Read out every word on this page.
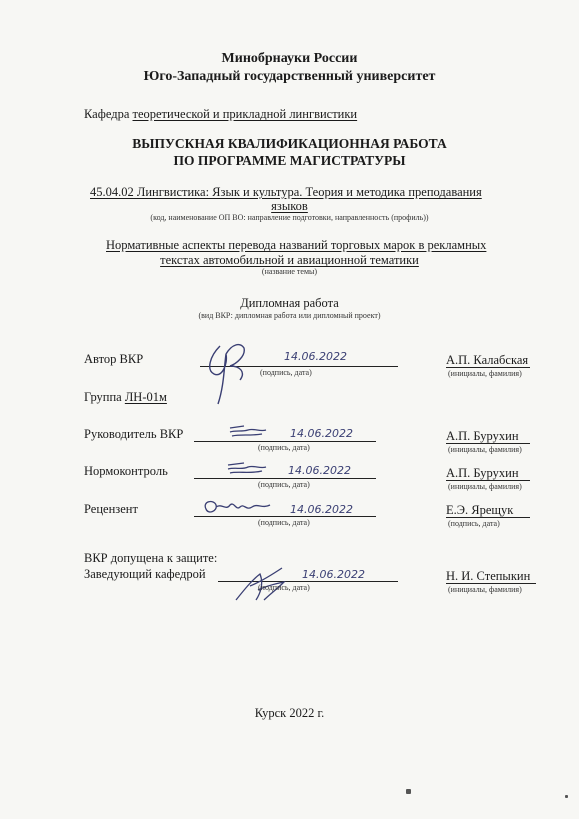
Минобрнауки России
Юго-Западный государственный университет
Кафедра теоретической и прикладной лингвистики
ВЫПУСКНАЯ КВАЛИФИКАЦИОННАЯ РАБОТА
ПО ПРОГРАММЕ МАГИСТРАТУРЫ
45.04.02 Лингвистика: Язык и культура. Теория и методика преподавания
языков
(код, наименование ОП ВО: направление подготовки, направленность (профиль))
Нормативные аспекты перевода названий торговых марок в рекламных
текстах автомобильной и авиационной тематики
(название темы)
Дипломная работа
(вид ВКР: дипломная работа или дипломный проект)
Автор ВКР	14.06.2022
(подпись, дата)
А.П. Калабская
(инициалы, фамилия)
Группа ЛН-01м
Руководитель ВКР	14.06.2022
(подпись, дата)
А.П. Бурухин
(инициалы, фамилия)
Нормоконтроль	14.06.2022
(подпись, дата)
А.П. Бурухин
(инициалы, фамилия)
Рецензент	14.06.2022
(подпись, дата)
Е.Э. Ярещук
(подпись, дата)
ВКР допущена к защите:
Заведующий кафедрой	14.06.2022
(подпись, дата)
Н. И. Степыкин
(инициалы, фамилия)
Курск 2022 г.
